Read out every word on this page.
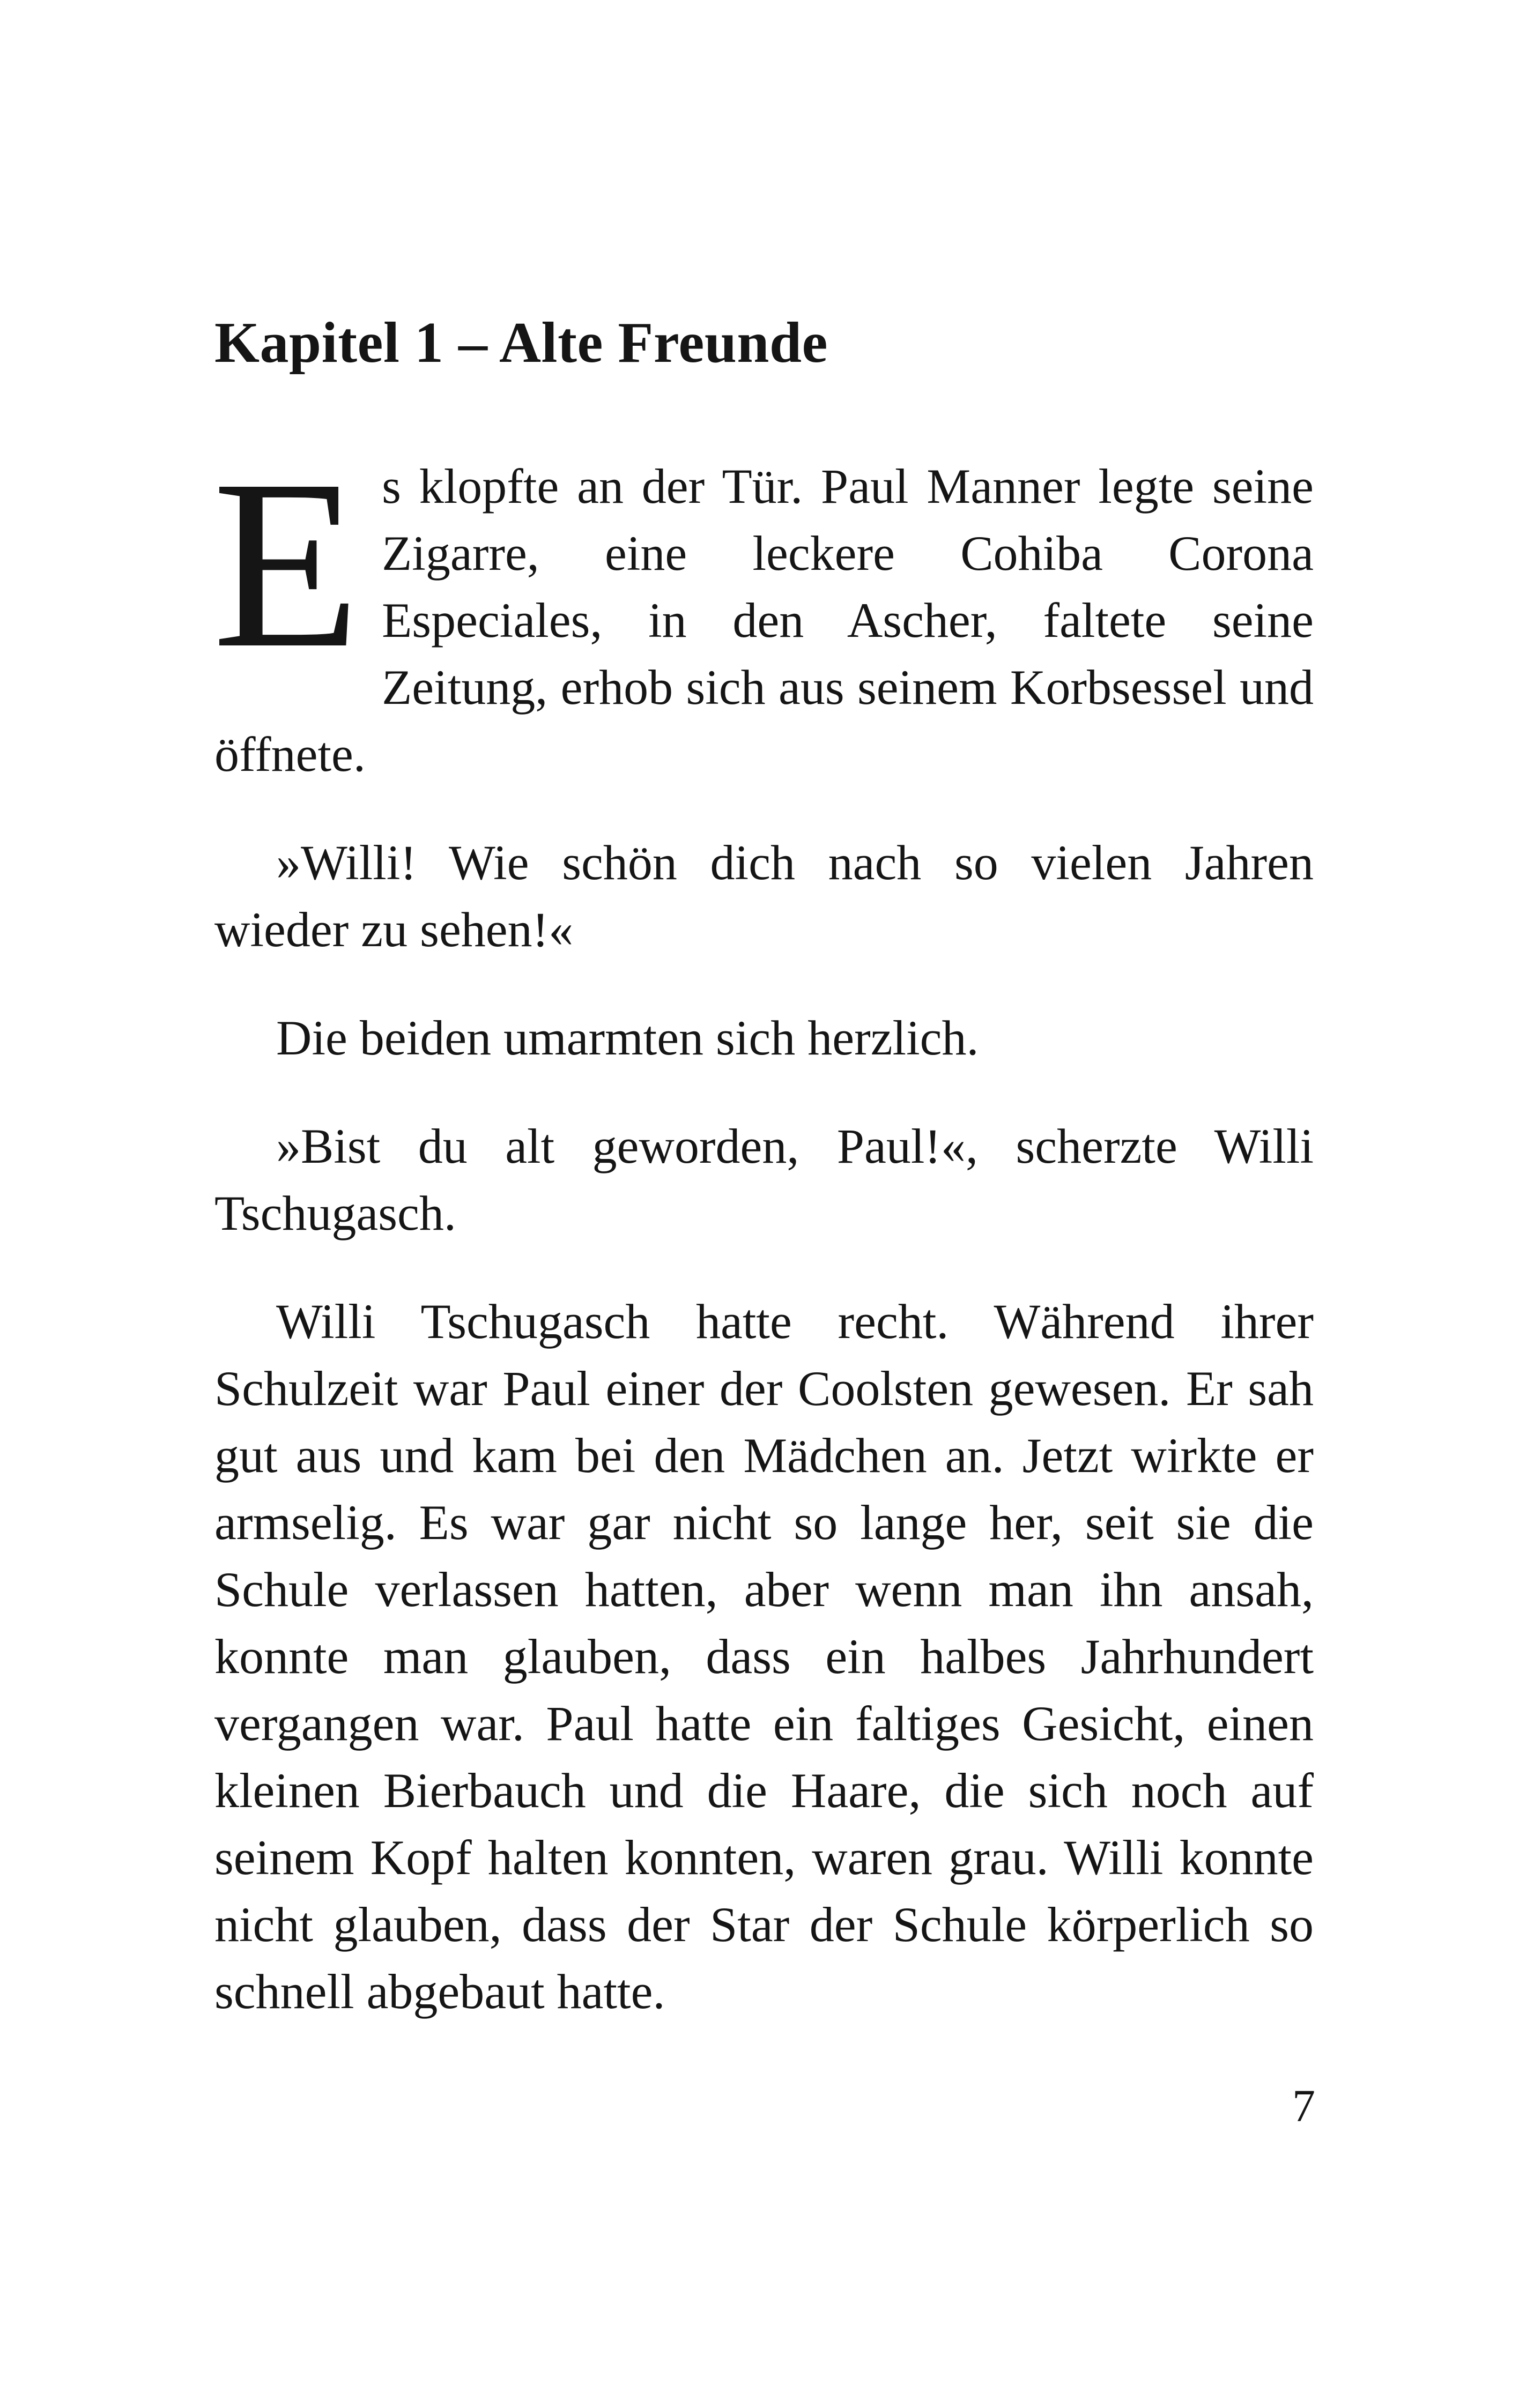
Kapitel 1 – Alte Freunde

Es klopfte an der Tür. Paul Manner legte seine Zigarre, eine leckere Cohiba Corona Especiales, in den Ascher, faltete seine Zeitung, erhob sich aus seinem Korbsessel und öffnete.

»Willi! Wie schön dich nach so vielen Jahren wieder zu sehen!«

Die beiden umarmten sich herzlich.

»Bist du alt geworden, Paul!«, scherzte Willi Tschugasch.

Willi Tschugasch hatte recht. Während ihrer Schulzeit war Paul einer der Coolsten gewesen. Er sah gut aus und kam bei den Mädchen an. Jetzt wirkte er armselig. Es war gar nicht so lange her, seit sie die Schule verlassen hatten, aber wenn man ihn ansah, konnte man glauben, dass ein halbes Jahrhundert vergangen war. Paul hatte ein faltiges Gesicht, einen kleinen Bierbauch und die Haare, die sich noch auf seinem Kopf halten konnten, waren grau. Willi konnte nicht glauben, dass der Star der Schule körperlich so schnell abgebaut hatte.

7
